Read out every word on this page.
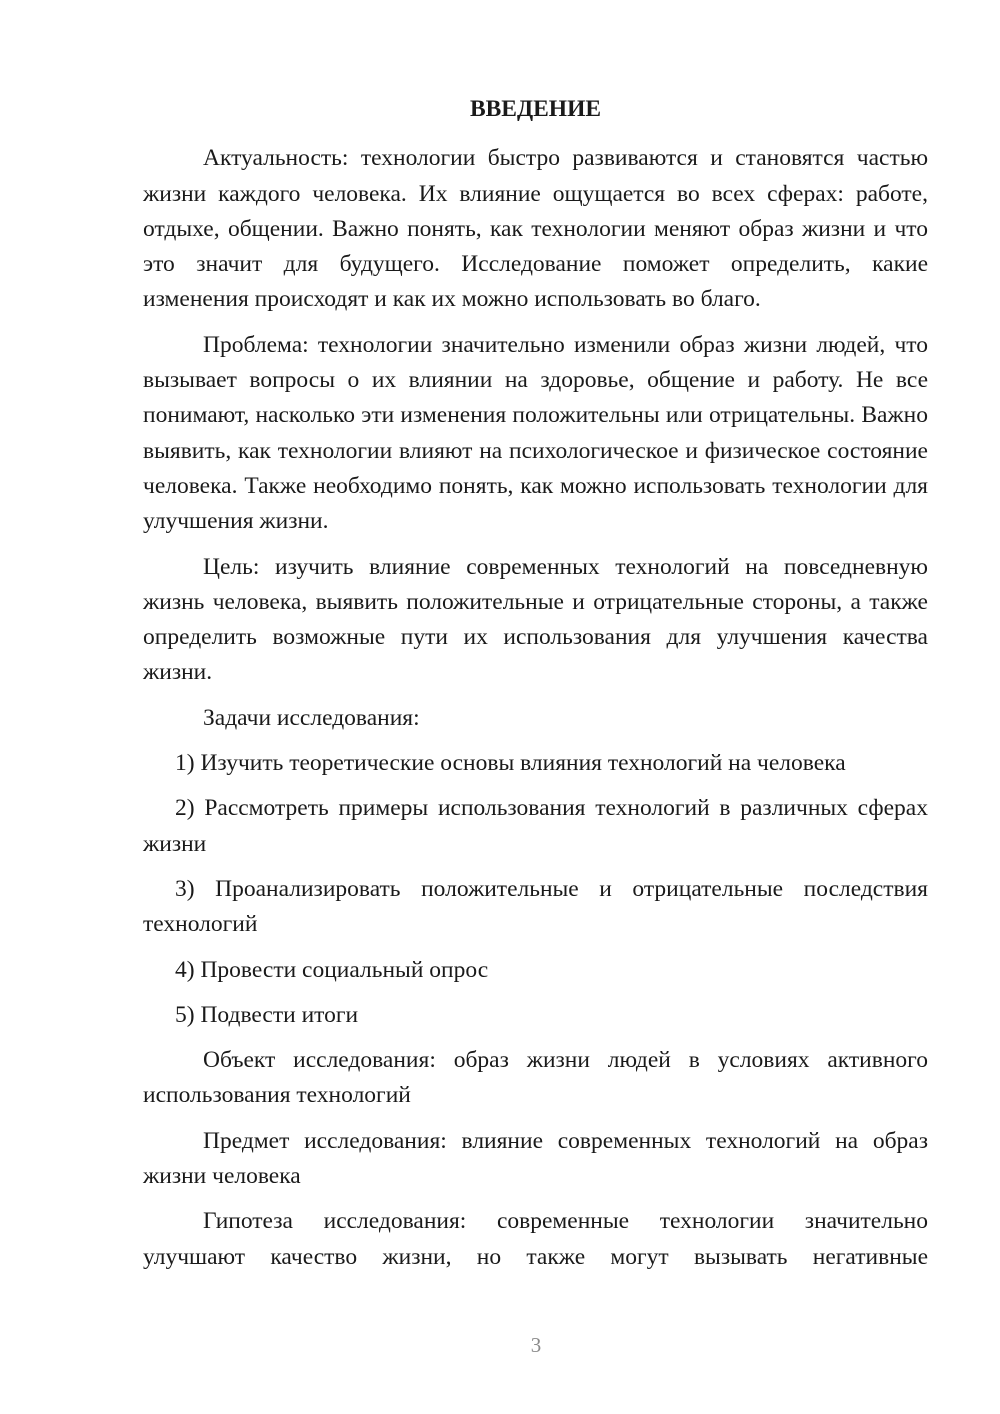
ВВЕДЕНИЕ

Актуальность: технологии быстро развиваются и становятся частью жизни каждого человека. Их влияние ощущается во всех сферах: работе, отдыхе, общении. Важно понять, как технологии меняют образ жизни и что это значит для будущего. Исследование поможет определить, какие изменения происходят и как их можно использовать во благо.

Проблема: технологии значительно изменили образ жизни людей, что вызывает вопросы о их влиянии на здоровье, общение и работу. Не все понимают, насколько эти изменения положительны или отрицательны. Важно выявить, как технологии влияют на психологическое и физическое состояние человека. Также необходимо понять, как можно использовать технологии для улучшения жизни.

Цель: изучить влияние современных технологий на повседневную жизнь человека, выявить положительные и отрицательные стороны, а также определить возможные пути их использования для улучшения качества жизни.

Задачи исследования:

1) Изучить теоретические основы влияния технологий на человека

2) Рассмотреть примеры использования технологий в различных сферах жизни

3) Проанализировать положительные и отрицательные последствия технологий

4) Провести социальный опрос

5) Подвести итоги

Объект исследования: образ жизни людей в условиях активного использования технологий

Предмет исследования: влияние современных технологий на образ жизни человека

Гипотеза исследования: современные технологии значительно улучшают качество жизни, но также могут вызывать негативные

3
